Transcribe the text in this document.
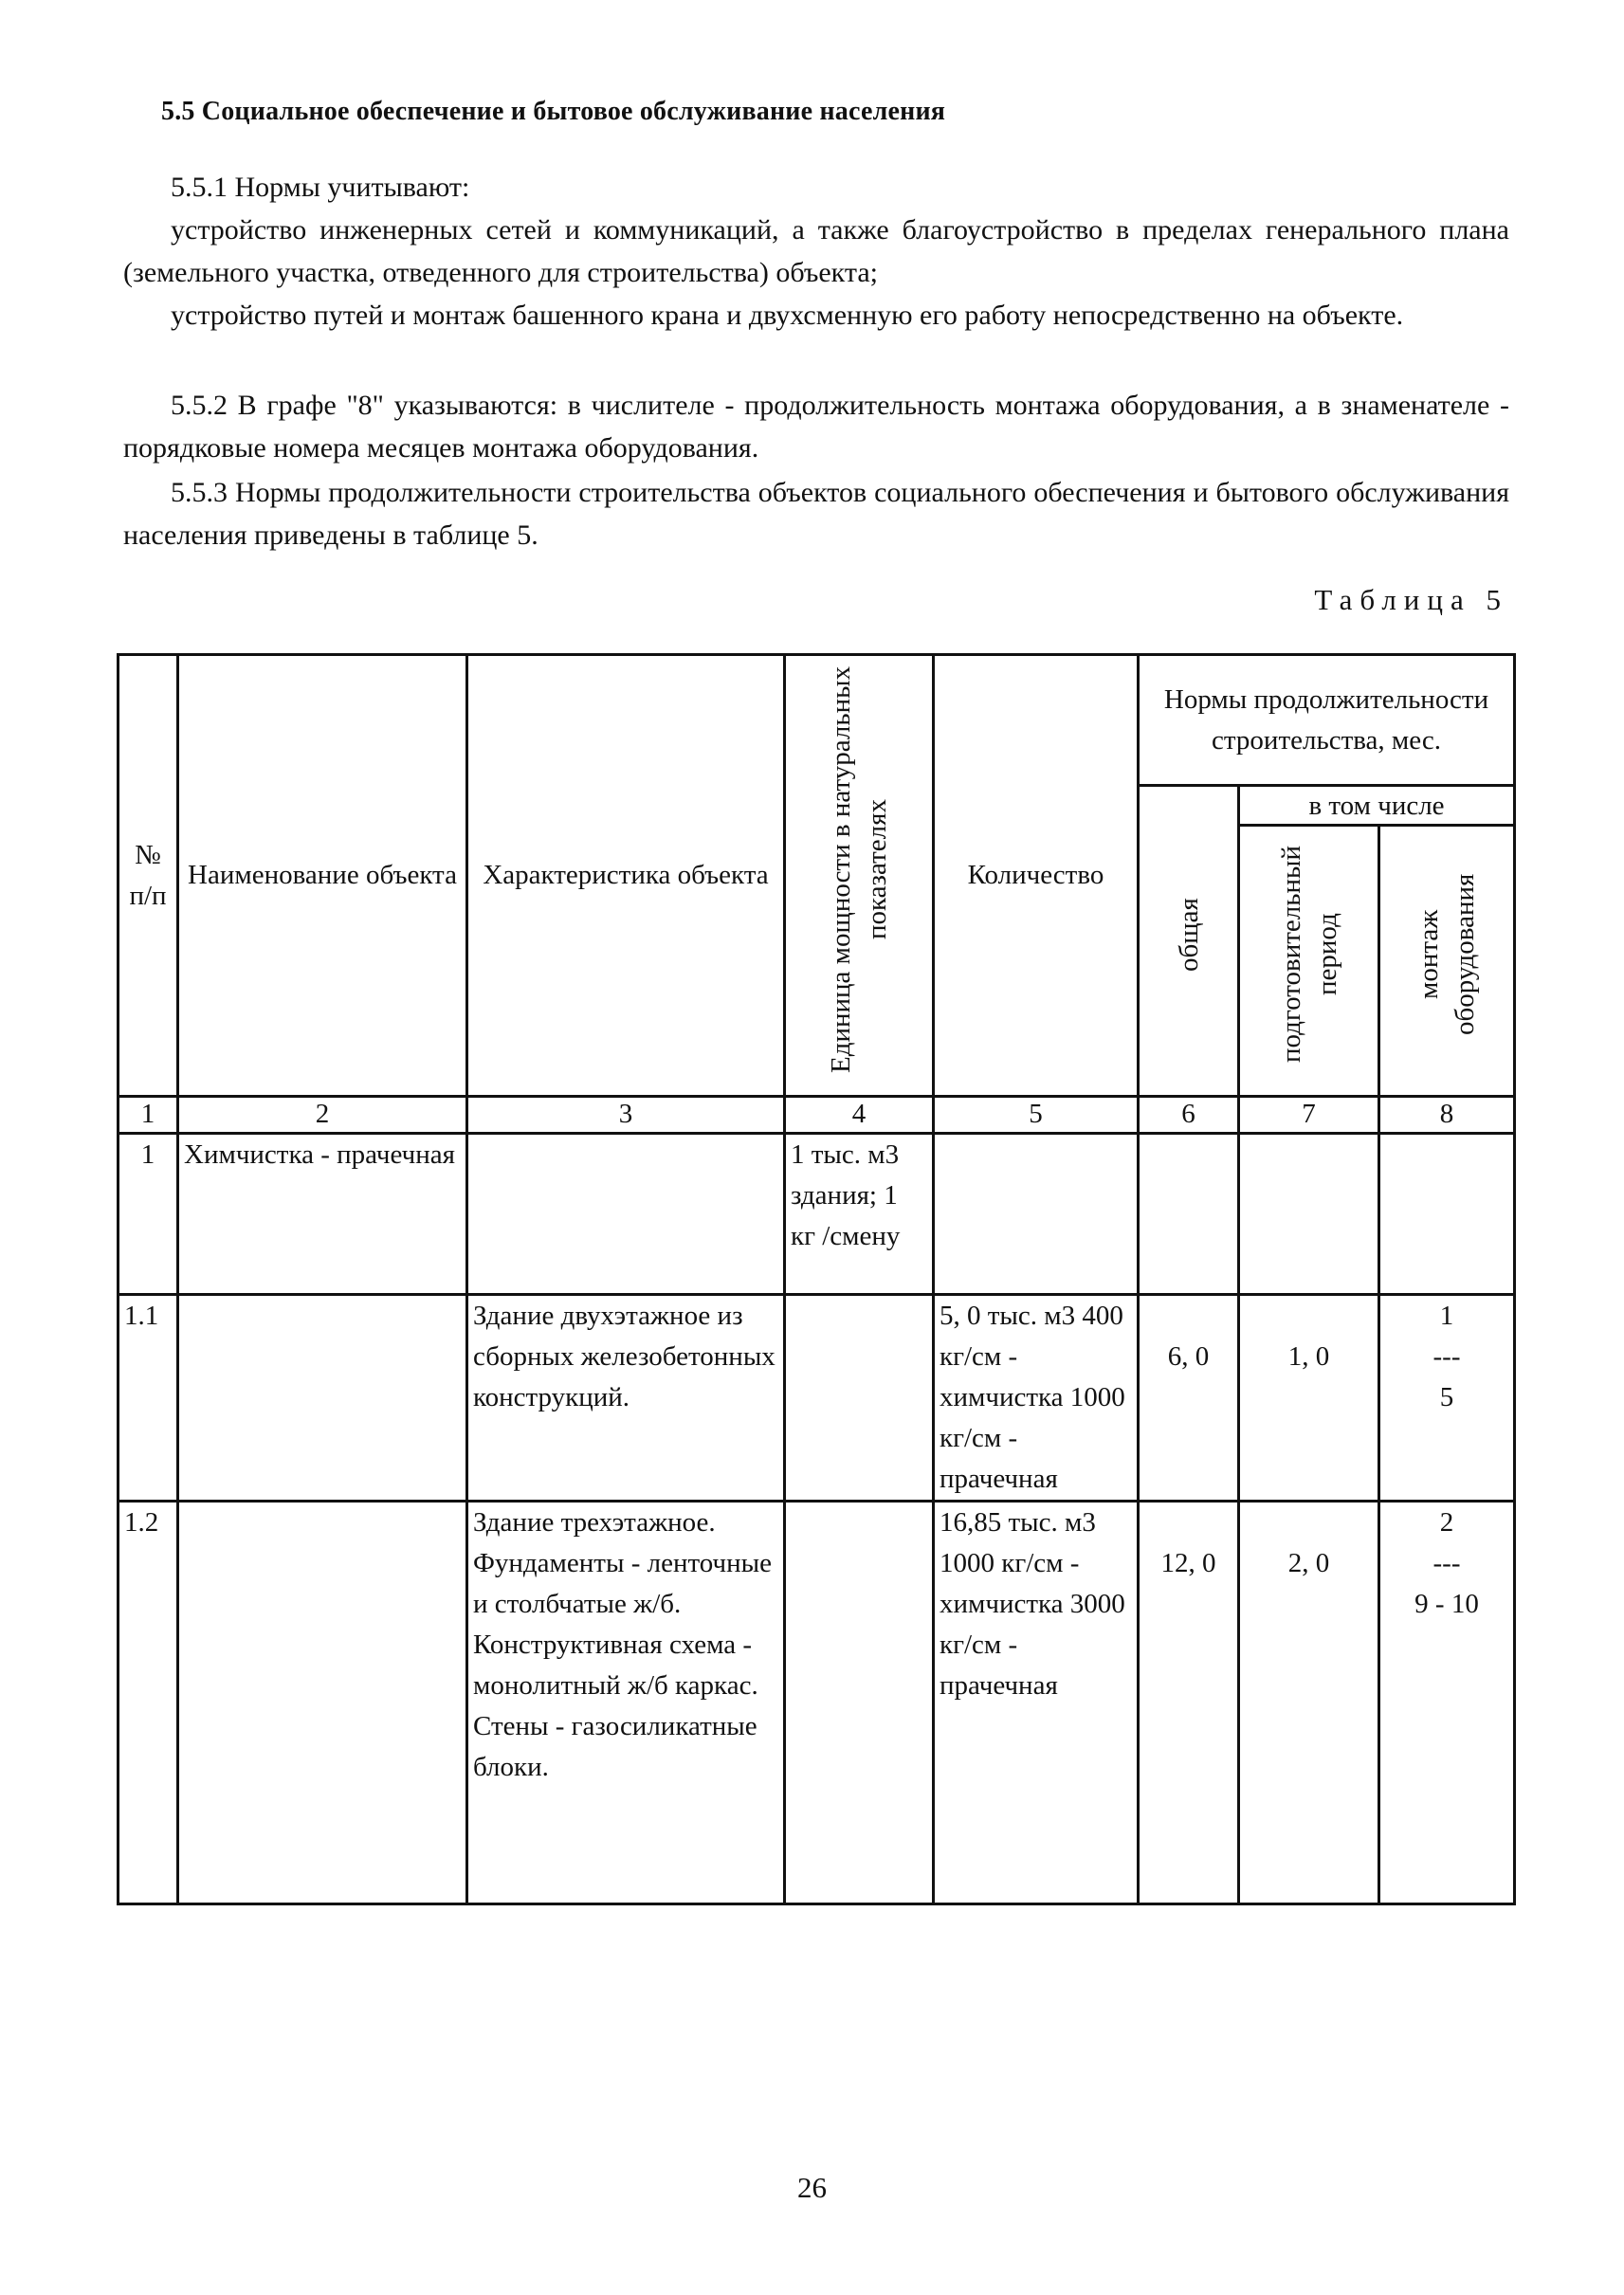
5.5 Социальное обеспечение и бытовое обслуживание населения
5.5.1 Нормы учитывают:
устройство инженерных сетей и коммуникаций, а также благоустройство в пределах генерального плана (земельного участка, отведенного для строительства) объекта;
устройство путей и монтаж башенного крана и двухсменную его работу непосредственно на объекте.
5.5.2 В графе "8" указываются: в числителе - продолжительность монтажа оборудования, а в знаменателе - порядковые номера месяцев монтажа оборудования.
5.5.3 Нормы продолжительности строительства объектов социального обеспечения и бытового обслуживания населения приведены в таблице 5.
Таблица 5
№ п/п	Наименование объекта	Характеристика объекта	Единица мощности в натуральных показателях	Количество	Нормы продолжительности строительства, мес.		
					общая	в том числе	
						подготовительный период	монтаж оборудования
1	2	3	4	5	6	7	8
1	Химчистка - прачечная		1 тыс. м3 здания; 1 кг /смену				
1.1		Здание двухэтажное из сборных железобетонных конструкций.		5, 0 тыс. м3 400 кг/см - химчистка 1000 кг/см - прачечная	6, 0	1, 0	1
---
5

1.2		Здание трехэтажное. Фундаменты - ленточные и столбчатые ж/б. Конструктивная схема - монолитный ж/б каркас. Стены - газосиликатные блоки.		16,85 тыс. м3 1000 кг/см - химчистка 3000 кг/см - прачечная	12, 0	2, 0	2
---
9 - 10
26
